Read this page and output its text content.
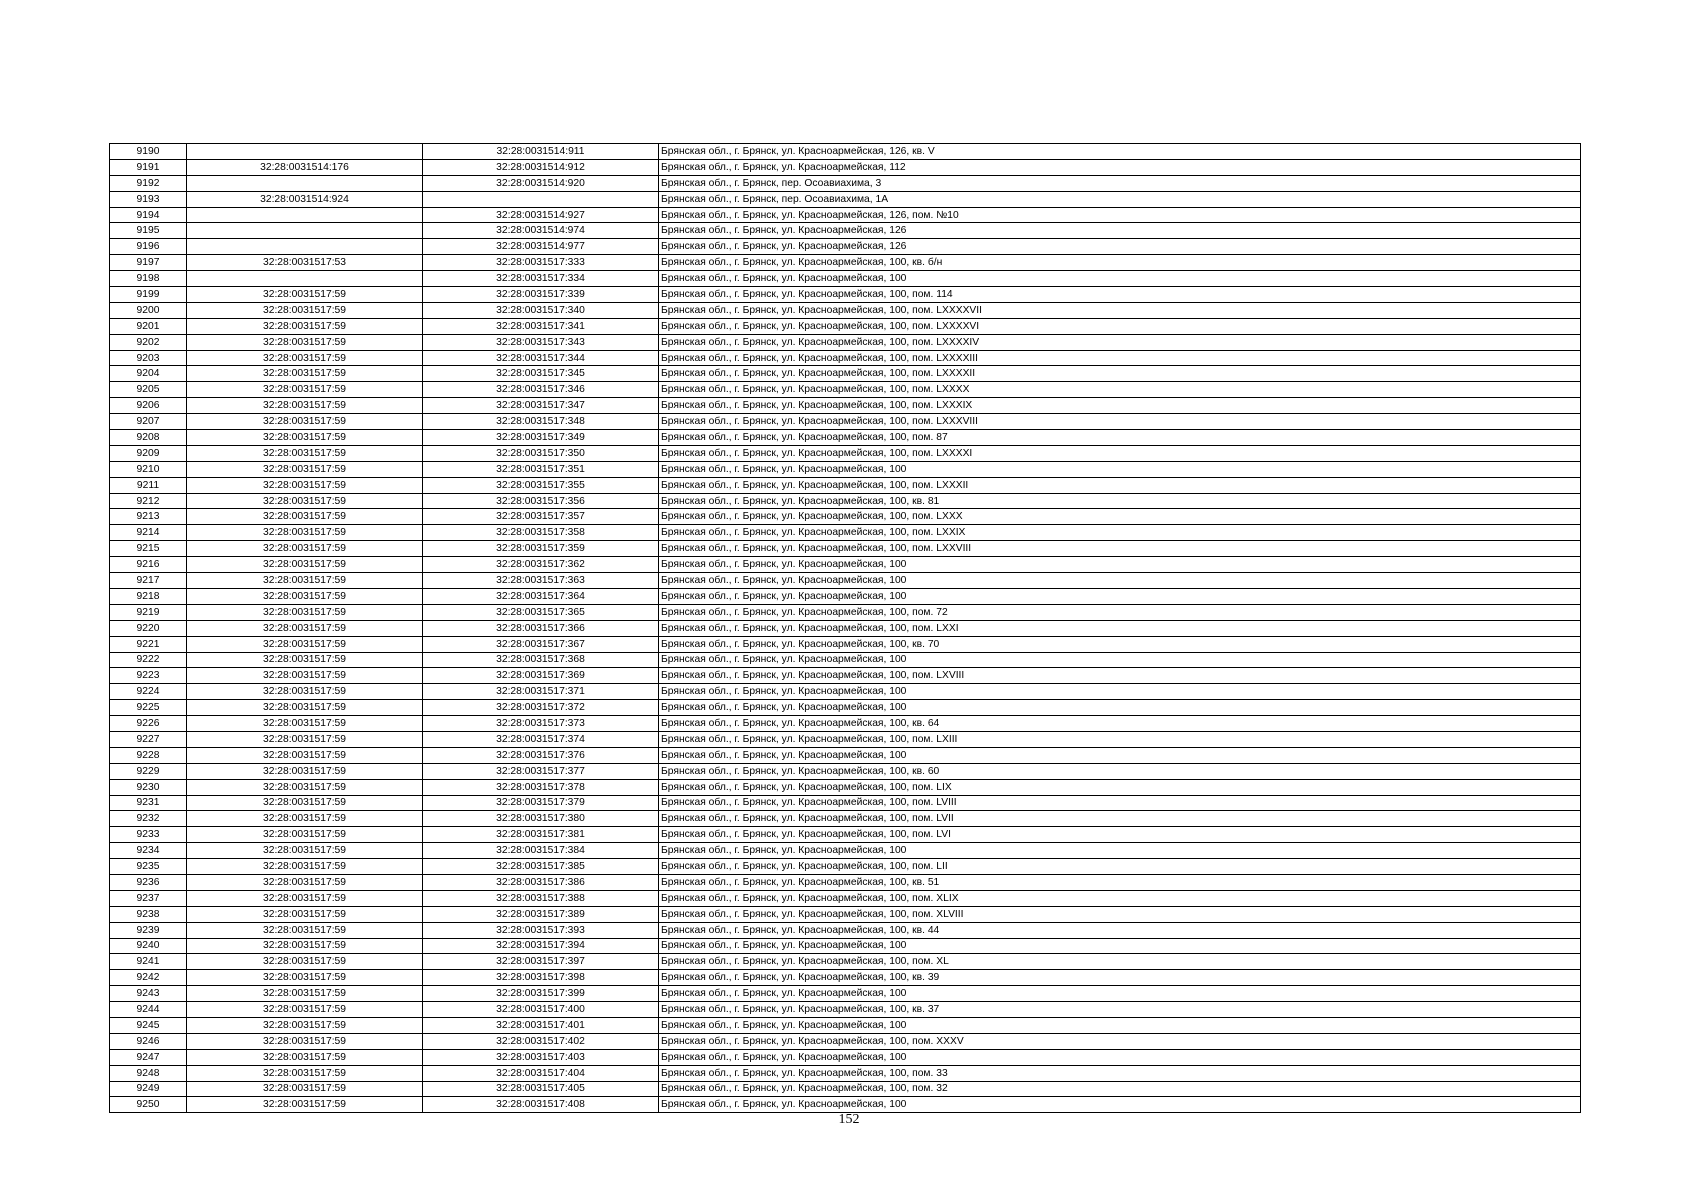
9190		32:28:0031514:911	Брянская обл., г. Брянск, ул. Красноармейская, 126, кв. V
9191	32:28:0031514:176	32:28:0031514:912	Брянская обл., г. Брянск, ул. Красноармейская, 112
9192		32:28:0031514:920	Брянская обл., г. Брянск, пер. Осоавиахима, 3
9193	32:28:0031514:924		Брянская обл., г. Брянск, пер. Осоавиахима, 1А
9194		32:28:0031514:927	Брянская обл., г. Брянск, ул. Красноармейская, 126, пом. №10
9195		32:28:0031514:974	Брянская обл., г. Брянск, ул. Красноармейская, 126
9196		32:28:0031514:977	Брянская обл., г. Брянск, ул. Красноармейская, 126
9197	32:28:0031517:53	32:28:0031517:333	Брянская обл., г. Брянск, ул. Красноармейская, 100, кв. б/н
9198		32:28:0031517:334	Брянская обл., г. Брянск, ул. Красноармейская, 100
9199	32:28:0031517:59	32:28:0031517:339	Брянская обл., г. Брянск, ул. Красноармейская, 100, пом. 114
9200	32:28:0031517:59	32:28:0031517:340	Брянская обл., г. Брянск, ул. Красноармейская, 100, пом. LXXXXVII
9201	32:28:0031517:59	32:28:0031517:341	Брянская обл., г. Брянск, ул. Красноармейская, 100, пом. LXXXXVI
9202	32:28:0031517:59	32:28:0031517:343	Брянская обл., г. Брянск, ул. Красноармейская, 100, пом. LXXXXIV
9203	32:28:0031517:59	32:28:0031517:344	Брянская обл., г. Брянск, ул. Красноармейская, 100, пом. LXXXXIII
9204	32:28:0031517:59	32:28:0031517:345	Брянская обл., г. Брянск, ул. Красноармейская, 100, пом. LXXXXII
9205	32:28:0031517:59	32:28:0031517:346	Брянская обл., г. Брянск, ул. Красноармейская, 100, пом. LXXXX
9206	32:28:0031517:59	32:28:0031517:347	Брянская обл., г. Брянск, ул. Красноармейская, 100, пом. LXXXIX
9207	32:28:0031517:59	32:28:0031517:348	Брянская обл., г. Брянск, ул. Красноармейская, 100, пом. LXXXVIII
9208	32:28:0031517:59	32:28:0031517:349	Брянская обл., г. Брянск, ул. Красноармейская, 100, пом. 87
9209	32:28:0031517:59	32:28:0031517:350	Брянская обл., г. Брянск, ул. Красноармейская, 100, пом. LXXXXI
9210	32:28:0031517:59	32:28:0031517:351	Брянская обл., г. Брянск, ул. Красноармейская, 100
9211	32:28:0031517:59	32:28:0031517:355	Брянская обл., г. Брянск, ул. Красноармейская, 100, пом. LXXXII
9212	32:28:0031517:59	32:28:0031517:356	Брянская обл., г. Брянск, ул. Красноармейская, 100, кв. 81
9213	32:28:0031517:59	32:28:0031517:357	Брянская обл., г. Брянск, ул. Красноармейская, 100, пом. LXXX
9214	32:28:0031517:59	32:28:0031517:358	Брянская обл., г. Брянск, ул. Красноармейская, 100, пом. LXXIX
9215	32:28:0031517:59	32:28:0031517:359	Брянская обл., г. Брянск, ул. Красноармейская, 100, пом. LXXVIII
9216	32:28:0031517:59	32:28:0031517:362	Брянская обл., г. Брянск, ул. Красноармейская, 100
9217	32:28:0031517:59	32:28:0031517:363	Брянская обл., г. Брянск, ул. Красноармейская, 100
9218	32:28:0031517:59	32:28:0031517:364	Брянская обл., г. Брянск, ул. Красноармейская, 100
9219	32:28:0031517:59	32:28:0031517:365	Брянская обл., г. Брянск, ул. Красноармейская, 100, пом. 72
9220	32:28:0031517:59	32:28:0031517:366	Брянская обл., г. Брянск, ул. Красноармейская, 100, пом. LXXI
9221	32:28:0031517:59	32:28:0031517:367	Брянская обл., г. Брянск, ул. Красноармейская, 100, кв. 70
9222	32:28:0031517:59	32:28:0031517:368	Брянская обл., г. Брянск, ул. Красноармейская, 100
9223	32:28:0031517:59	32:28:0031517:369	Брянская обл., г. Брянск, ул. Красноармейская, 100, пом. LXVIII
9224	32:28:0031517:59	32:28:0031517:371	Брянская обл., г. Брянск, ул. Красноармейская, 100
9225	32:28:0031517:59	32:28:0031517:372	Брянская обл., г. Брянск, ул. Красноармейская, 100
9226	32:28:0031517:59	32:28:0031517:373	Брянская обл., г. Брянск, ул. Красноармейская, 100, кв. 64
9227	32:28:0031517:59	32:28:0031517:374	Брянская обл., г. Брянск, ул. Красноармейская, 100, пом. LXIII
9228	32:28:0031517:59	32:28:0031517:376	Брянская обл., г. Брянск, ул. Красноармейская, 100
9229	32:28:0031517:59	32:28:0031517:377	Брянская обл., г. Брянск, ул. Красноармейская, 100, кв. 60
9230	32:28:0031517:59	32:28:0031517:378	Брянская обл., г. Брянск, ул. Красноармейская, 100, пом. LIX
9231	32:28:0031517:59	32:28:0031517:379	Брянская обл., г. Брянск, ул. Красноармейская, 100, пом. LVIII
9232	32:28:0031517:59	32:28:0031517:380	Брянская обл., г. Брянск, ул. Красноармейская, 100, пом. LVII
9233	32:28:0031517:59	32:28:0031517:381	Брянская обл., г. Брянск, ул. Красноармейская, 100, пом. LVI
9234	32:28:0031517:59	32:28:0031517:384	Брянская обл., г. Брянск, ул. Красноармейская, 100
9235	32:28:0031517:59	32:28:0031517:385	Брянская обл., г. Брянск, ул. Красноармейская, 100, пом. LII
9236	32:28:0031517:59	32:28:0031517:386	Брянская обл., г. Брянск, ул. Красноармейская, 100, кв. 51
9237	32:28:0031517:59	32:28:0031517:388	Брянская обл., г. Брянск, ул. Красноармейская, 100, пом. XLIX
9238	32:28:0031517:59	32:28:0031517:389	Брянская обл., г. Брянск, ул. Красноармейская, 100, пом. XLVIII
9239	32:28:0031517:59	32:28:0031517:393	Брянская обл., г. Брянск, ул. Красноармейская, 100, кв. 44
9240	32:28:0031517:59	32:28:0031517:394	Брянская обл., г. Брянск, ул. Красноармейская, 100
9241	32:28:0031517:59	32:28:0031517:397	Брянская обл., г. Брянск, ул. Красноармейская, 100, пом. XL
9242	32:28:0031517:59	32:28:0031517:398	Брянская обл., г. Брянск, ул. Красноармейская, 100, кв. 39
9243	32:28:0031517:59	32:28:0031517:399	Брянская обл., г. Брянск, ул. Красноармейская, 100
9244	32:28:0031517:59	32:28:0031517:400	Брянская обл., г. Брянск, ул. Красноармейская, 100, кв. 37
9245	32:28:0031517:59	32:28:0031517:401	Брянская обл., г. Брянск, ул. Красноармейская, 100
9246	32:28:0031517:59	32:28:0031517:402	Брянская обл., г. Брянск, ул. Красноармейская, 100, пом. XXXV
9247	32:28:0031517:59	32:28:0031517:403	Брянская обл., г. Брянск, ул. Красноармейская, 100
9248	32:28:0031517:59	32:28:0031517:404	Брянская обл., г. Брянск, ул. Красноармейская, 100, пом. 33
9249	32:28:0031517:59	32:28:0031517:405	Брянская обл., г. Брянск, ул. Красноармейская, 100, пом. 32
9250	32:28:0031517:59	32:28:0031517:408	Брянская обл., г. Брянск, ул. Красноармейская, 100
152
